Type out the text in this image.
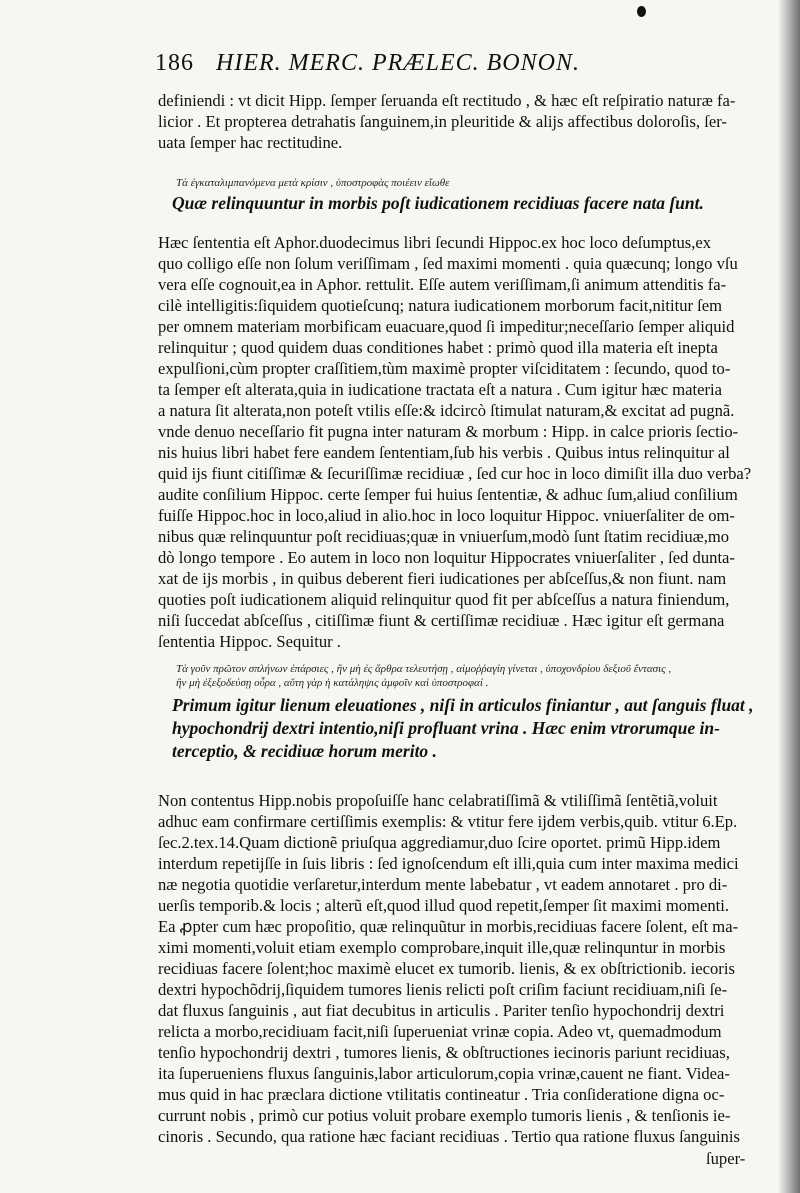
186 HIER. MERC. PRÆLEC. BONON.
definiendi : vt dicit Hipp. ſemper ſeruanda eſt rectitudo , & hæc eſt reſpiratio naturæ fa-
licior . Et propterea detrahatis ſanguinem,in pleuritide & alijs affectibus doloroſis, ſer-
uata ſemper hac rectitudine.
Τὰ ἐγκαταλιμπανόμενα μετὰ κρίσιν , ὑποστροφὰς ποιέειν εἴωθε
Quæ relinquuntur in morbis poſt iudicationem recidiuas facere nata ſunt.
Hæc ſententia eſt Aphor.duodecimus libri ſecundi Hippoc.ex hoc loco deſumptus,ex
quo colligo eſſe non ſolum veriſſimam , ſed maximi momenti . quia quæcunq; longo vſu
vera eſſe cognouit,ea in Aphor. rettulit. Eſſe autem veriſſimam,ſi animum attenditis fa-
cilè intelligitis:ſiquidem quotieſcunq; natura iudicationem morborum facit,nititur ſem
per omnem materiam morbificam euacuare,quod ſi impeditur;neceſſario ſemper aliquid
relinquitur ; quod quidem duas conditiones habet : primò quod illa materia eſt inepta
expulſioni,cùm propter craſſitiem,tùm maximè propter viſciditatem : ſecundo, quod to-
ta ſemper eſt alterata,quia in iudicatione tractata eſt a natura . Cum igitur hæc materia
a natura ſit alterata,non poteſt vtilis eſſe:& idcircò ſtimulat naturam,& excitat ad pugnã.
vnde denuo neceſſario fit pugna inter naturam & morbum : Hipp. in calce prioris ſectio-
nis huius libri habet fere eandem ſententiam,ſub his verbis . Quibus intus relinquitur al
quid ijs fiunt citiſſimæ & ſecuriſſimæ recidiuæ , ſed cur hoc in loco dimiſit illa duo verba?
audite conſilium Hippoc. certe ſemper fui huius ſententiæ, & adhuc ſum,aliud conſilium
fuiſſe Hippoc.hoc in loco,aliud in alio.hoc in loco loquitur Hippoc. vniuerſaliter de om-
nibus quæ relinquuntur poſt recidiuas;quæ in vniuerſum,modò ſunt ſtatim recidiuæ,mo
dò longo tempore . Eo autem in loco non loquitur Hippocrates vniuerſaliter , ſed dunta-
xat de ijs morbis , in quibus deberent fieri iudicationes per abſceſſus,& non fiunt. nam
quoties poſt iudicationem aliquid relinquitur quod fit per abſceſſus a natura finiendum,
niſi ſuccedat abſceſſus , citiſſimæ fiunt & certiſſimæ recidiuæ . Hæc igitur eſt germana
ſententia Hippoc. Sequitur .
Τὰ γοῦν πρῶτον σπλήνων ἐπάρσιες , ἢν μὴ ἐς ἄρθρα τελευτήσῃ , αἱμοῤῥαγίη γίνεται , ὑποχονδρίου δεξιοῦ ἔντασις ,
ἢν μὴ ἐξεξοδεύσῃ οὖρα , αὕτη γὰρ ἡ κατάληψις ἀμφοῖν καὶ ὑποστροφαί .
Primum igitur lienum eleuationes , niſi in articulos finiantur , aut ſanguis fluat ,
hypochondrij dextri intentio,niſi profluant vrina . Hæc enim vtrorumque in-
terceptio, & recidiuæ horum merito .
Non contentus Hipp.nobis propoſuiſſe hanc celabratiſſimã & vtiliſſimã ſentẽtiã,voluit
adhuc eam confirmare certiſſimis exemplis: & vtitur fere ijdem verbis,quib. vtitur 6.Ep.
ſec.2.tex.14.Quam dictionẽ priuſqua aggrediamur,duo ſcire oportet. primũ Hipp.idem
interdum repetijſſe in ſuis libris : ſed ignoſcendum eſt illi,quia cum inter maxima medici
næ negotia quotidie verſaretur,interdum mente labebatur , vt eadem annotaret . pro di-
uerſis temporib.& locis ; alterũ eſt,quod illud quod repetit,ſemper ſit maximi momenti.
Ea ꝓpter cum hæc propoſitio, quæ relinquũtur in morbis,recidiuas facere ſolent, eſt ma-
ximi momenti,voluit etiam exemplo comprobare,inquit ille,quæ relinquntur in morbis
recidiuas facere ſolent;hoc maximè elucet ex tumorib. lienis, & ex obſtrictionib. iecoris
dextri hypochõdrij,ſiquidem tumores lienis relicti poſt criſim faciunt recidiuam,niſi ſe-
dat fluxus ſanguinis , aut fiat decubitus in articulis . Pariter tenſio hypochondrij dextri
relicta a morbo,recidiuam facit,niſi ſuperueniat vrinæ copia. Adeo vt, quemadmodum
tenſio hypochondrij dextri , tumores lienis, & obſtructiones iecinoris pariunt recidiuas,
ita ſuperueniens fluxus ſanguinis,labor articulorum,copia vrinæ,cauent ne fiant. Videa-
mus quid in hac præclara dictione vtilitatis contineatur . Tria conſideratione digna oc-
currunt nobis , primò cur potius voluit probare exemplo tumoris lienis , & tenſionis ie-
cinoris . Secundo, qua ratione hæc faciant recidiuas . Tertio qua ratione fluxus ſanguinis
ſuper-
